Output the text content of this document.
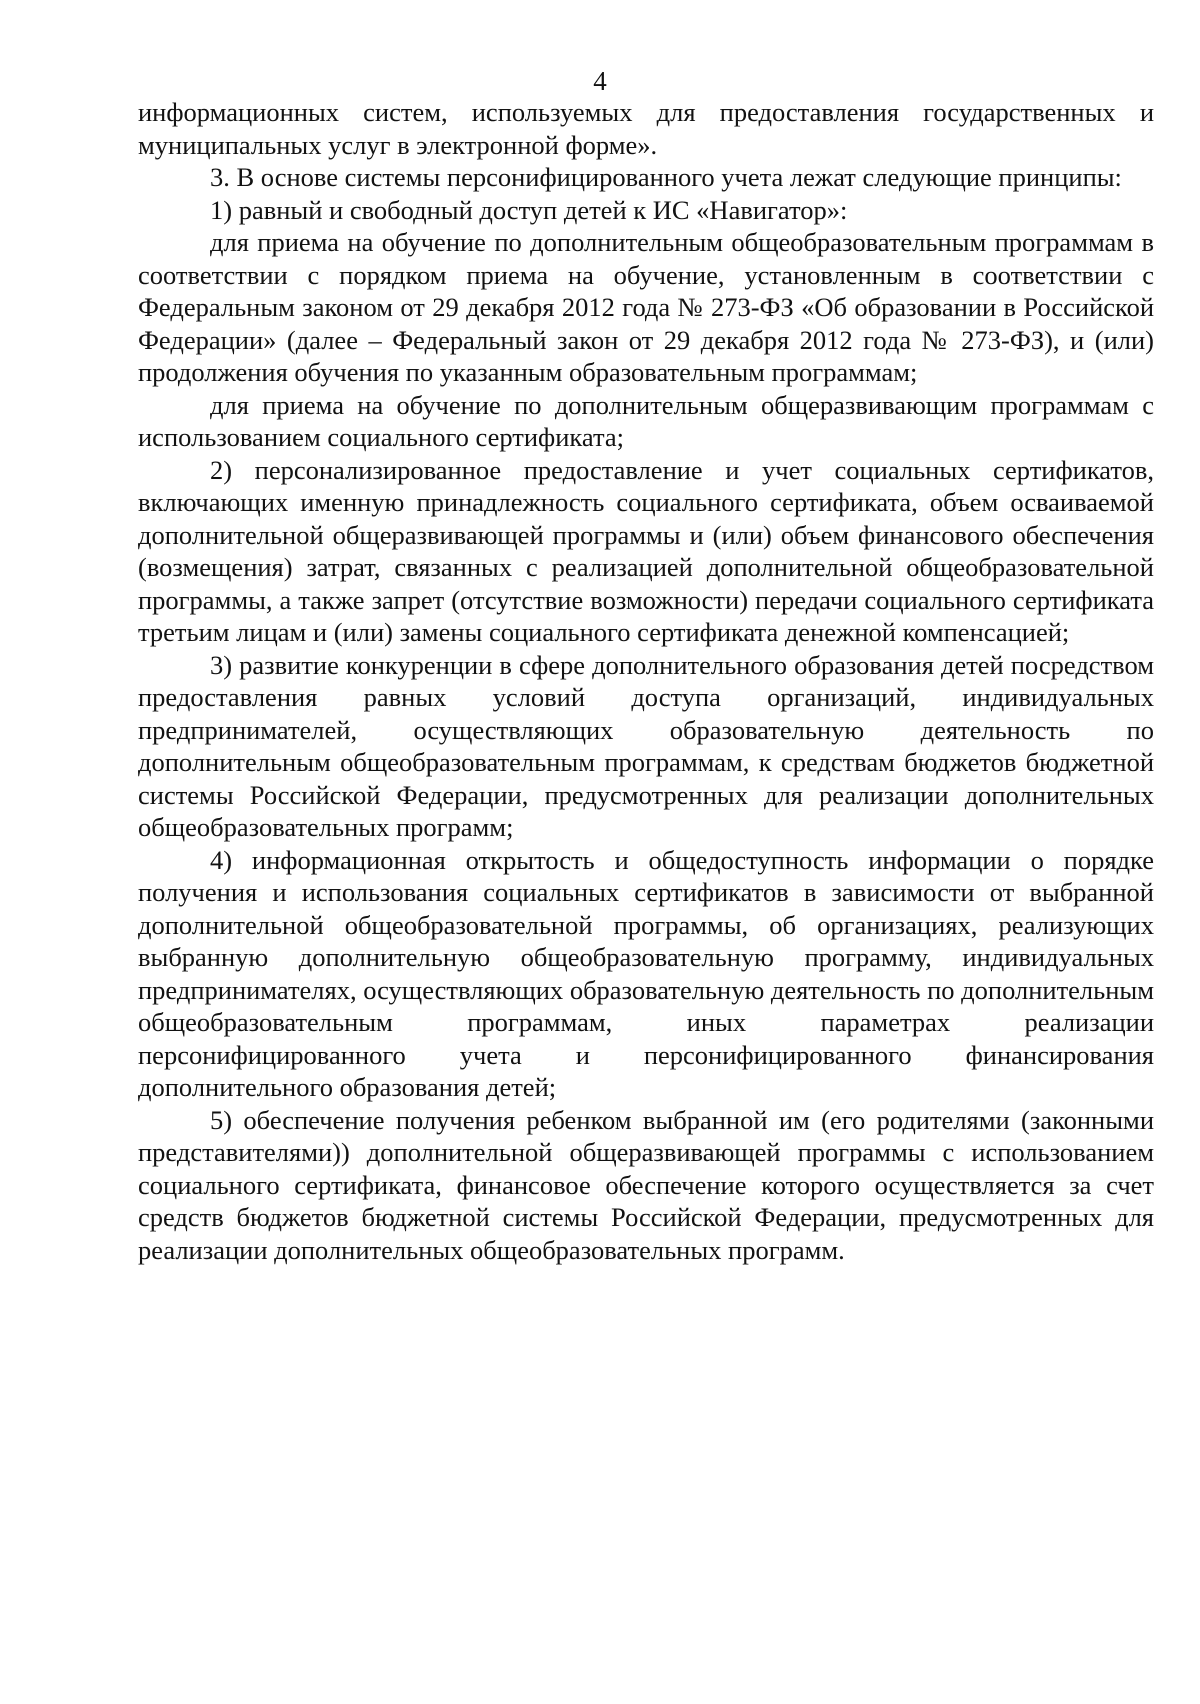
4

информационных систем, используемых для предоставления государственных и муниципальных услуг в электронной форме».

3. В основе системы персонифицированного учета лежат следующие принципы:

1) равный и свободный доступ детей к ИС «Навигатор»:

для приема на обучение по дополнительным общеобразовательным программам в соответствии с порядком приема на обучение, установленным в соответствии с Федеральным законом от 29 декабря 2012 года № 273-ФЗ «Об образовании в Российской Федерации» (далее – Федеральный закон от 29 декабря 2012 года № 273-ФЗ), и (или) продолжения обучения по указанным образовательным программам;

для приема на обучение по дополнительным общеразвивающим программам с использованием социального сертификата;

2) персонализированное предоставление и учет социальных сертификатов, включающих именную принадлежность социального сертификата, объем осваиваемой дополнительной общеразвивающей программы и (или) объем финансового обеспечения (возмещения) затрат, связанных с реализацией дополнительной общеобразовательной программы, а также запрет (отсутствие возможности) передачи социального сертификата третьим лицам и (или) замены социального сертификата денежной компенсацией;

3) развитие конкуренции в сфере дополнительного образования детей посредством предоставления равных условий доступа организаций, индивидуальных предпринимателей, осуществляющих образовательную деятельность по дополнительным общеобразовательным программам, к средствам бюджетов бюджетной системы Российской Федерации, предусмотренных для реализации дополнительных общеобразовательных программ;

4) информационная открытость и общедоступность информации о порядке получения и использования социальных сертификатов в зависимости от выбранной дополнительной общеобразовательной программы, об организациях, реализующих выбранную дополнительную общеобразовательную программу, индивидуальных предпринимателях, осуществляющих образовательную деятельность по дополнительным общеобразовательным программам, иных параметрах реализации персонифицированного учета и персонифицированного финансирования дополнительного образования детей;

5) обеспечение получения ребенком выбранной им (его родителями (законными представителями)) дополнительной общеразвивающей программы с использованием социального сертификата, финансовое обеспечение которого осуществляется за счет средств бюджетов бюджетной системы Российской Федерации, предусмотренных для реализации дополнительных общеобразовательных программ.
